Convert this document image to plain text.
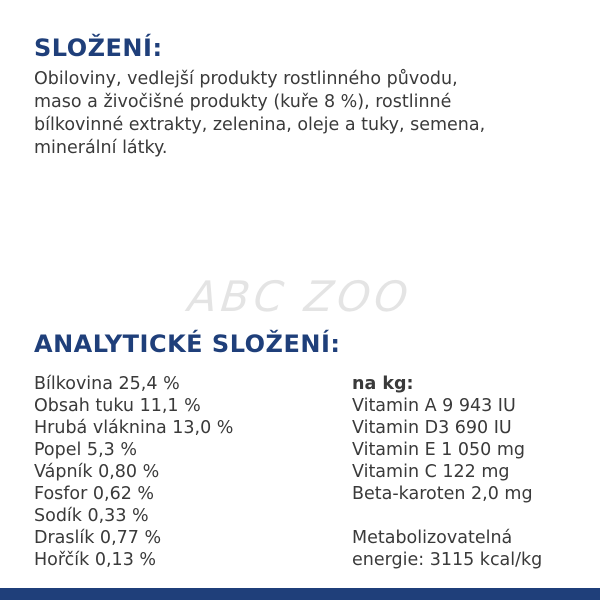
SLOŽENÍ:

Obiloviny, vedlejší produkty rostlinného původu,
maso a živočišné produkty (kuře 8 %), rostlinné
bílkovinné extrakty, zelenina, oleje a tuky, semena,
minerální látky.

ABC ZOO
ANALYTICKÉ SLOŽENÍ:
Bílkovina 25,4 %
Obsah tuku 11,1 %
Hrubá vláknina 13,0 %
Popel 5,3 %
Vápník 0,80 %
Fosfor 0,62 %
Sodík 0,33 %
Draslík 0,77 %
Hořčík 0,13 %
na kg:
Vitamin A 9 943 IU
Vitamin D3 690 IU
Vitamin E 1 050 mg
Vitamin C 122 mg
Beta-karoten 2,0 mg
Metabolizovatelná
energie: 3115 kcal/kg
